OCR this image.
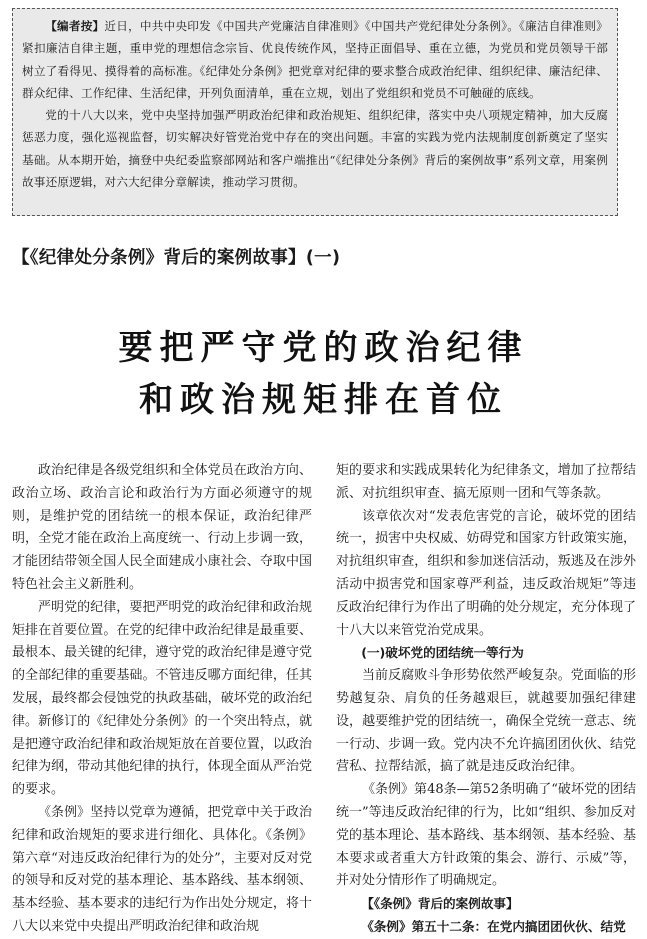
【编者按】近日，中共中央印发《中国共产党廉洁自律准则》《中国共产党纪律处分条例》。《廉洁自律准则》紧扣廉洁自律主题，重申党的理想信念宗旨、优良传统作风，坚持正面倡导、重在立德，为党员和党员领导干部树立了看得见、摸得着的高标准。《纪律处分条例》把党章对纪律的要求整合成政治纪律、组织纪律、廉洁纪律、群众纪律、工作纪律、生活纪律，开列负面清单，重在立规，划出了党组织和党员不可触碰的底线。

党的十八大以来，党中央坚持加强严明政治纪律和政治规矩、组织纪律，落实中央八项规定精神，加大反腐惩恶力度，强化巡视监督，切实解决好管党治党中存在的突出问题。丰富的实践为党内法规制度创新奠定了坚实基础。从本期开始，摘登中央纪委监察部网站和客户端推出“《纪律处分条例》背后的案例故事”系列文章，用案例故事还原逻辑，对六大纪律分章解读，推动学习贯彻。

【《纪律处分条例》背后的案例故事】(一)
要把严守党的政治纪律
和政治规矩排在首位

政治纪律是各级党组织和全体党员在政治方向、政治立场、政治言论和政治行为方面必须遵守的规则，是维护党的团结统一的根本保证，政治纪律严明，全党才能在政治上高度统一、行动上步调一致，才能团结带领全国人民全面建成小康社会、夺取中国特色社会主义新胜利。

严明党的纪律，要把严明党的政治纪律和政治规矩排在首要位置。在党的纪律中政治纪律是最重要、最根本、最关键的纪律，遵守党的政治纪律是遵守党的全部纪律的重要基础。不管违反哪方面纪律，任其发展，最终都会侵蚀党的执政基础，破坏党的政治纪律。新修订的《纪律处分条例》的一个突出特点，就是把遵守政治纪律和政治规矩放在首要位置，以政治纪律为纲，带动其他纪律的执行，体现全面从严治党的要求。

《条例》坚持以党章为遵循，把党章中关于政治纪律和政治规矩的要求进行细化、具体化。《条例》第六章“对违反政治纪律行为的处分”，主要对反对党的领导和反对党的基本理论、基本路线、基本纲领、基本经验、基本要求的违纪行为作出处分规定，将十八大以来党中央提出严明政治纪律和政治规

矩的要求和实践成果转化为纪律条文，增加了拉帮结派、对抗组织审查、搞无原则一团和气等条款。

该章依次对“发表危害党的言论，破坏党的团结统一，损害中央权威、妨碍党和国家方针政策实施，对抗组织审查，组织和参加迷信活动，叛逃及在涉外活动中损害党和国家尊严利益，违反政治规矩”等违反政治纪律行为作出了明确的处分规定，充分体现了十八大以来管党治党成果。

(一)破坏党的团结统一等行为

当前反腐败斗争形势依然严峻复杂。党面临的形势越复杂、肩负的任务越艰巨，就越要加强纪律建设，越要维护党的团结统一，确保全党统一意志、统一行动、步调一致。党内决不允许搞团团伙伙、结党营私、拉帮结派，搞了就是违反政治纪律。

《条例》第48条—第52条明确了“破坏党的团结统一”等违反政治纪律的行为，比如“组织、参加反对党的基本理论、基本路线、基本纲领、基本经验、基本要求或者重大方针政策的集会、游行、示威”等，并对处分情形作了明确规定。

【《条例》背后的案例故事】

《条例》第五十二条：在党内搞团团伙伙、结党
